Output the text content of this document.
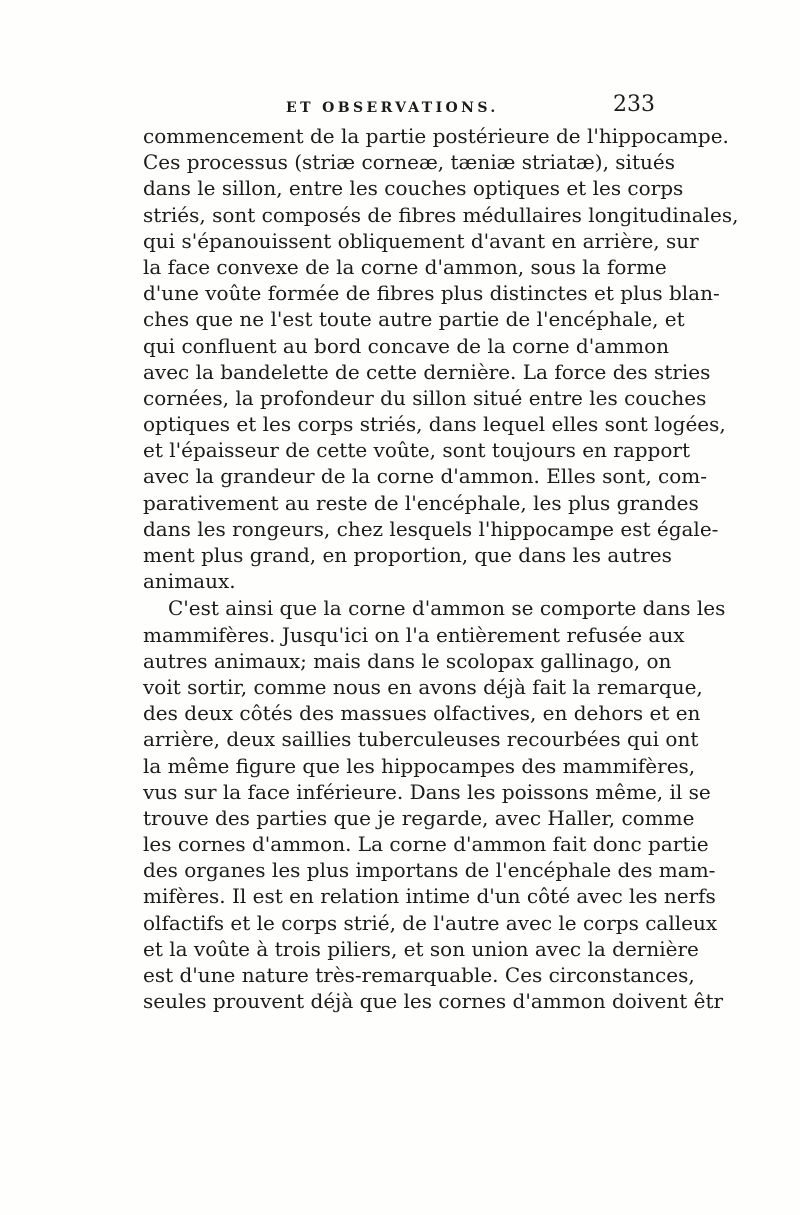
ET OBSERVATIONS.	233
commencement de la partie postérieure de l'hippocampe.
Ces processus (striæ corneæ, tæniæ striatæ), situés
dans le sillon, entre les couches optiques et les corps
striés, sont composés de fibres médullaires longitudinales,
qui s'épanouissent obliquement d'avant en arrière, sur
la face convexe de la corne d'ammon, sous la forme
d'une voûte formée de fibres plus distinctes et plus blan-
ches que ne l'est toute autre partie de l'encéphale, et
qui confluent au bord concave de la corne d'ammon
avec la bandelette de cette dernière. La force des stries
cornées, la profondeur du sillon situé entre les couches
optiques et les corps striés, dans lequel elles sont logées,
et l'épaisseur de cette voûte, sont toujours en rapport
avec la grandeur de la corne d'ammon. Elles sont, com-
parativement au reste de l'encéphale, les plus grandes
dans les rongeurs, chez lesquels l'hippocampe est égale-
ment plus grand, en proportion, que dans les autres
animaux.
C'est ainsi que la corne d'ammon se comporte dans les
mammifères. Jusqu'ici on l'a entièrement refusée aux
autres animaux; mais dans le scolopax gallinago, on
voit sortir, comme nous en avons déjà fait la remarque,
des deux côtés des massues olfactives, en dehors et en
arrière, deux saillies tuberculeuses recourbées qui ont
la même figure que les hippocampes des mammifères,
vus sur la face inférieure. Dans les poissons même, il se
trouve des parties que je regarde, avec Haller, comme
les cornes d'ammon. La corne d'ammon fait donc partie
des organes les plus importans de l'encéphale des mam-
mifères. Il est en relation intime d'un côté avec les nerfs
olfactifs et le corps strié, de l'autre avec le corps calleux
et la voûte à trois piliers, et son union avec la dernière
est d'une nature très-remarquable. Ces circonstances,
seules prouvent déjà que les cornes d'ammon doivent êtr
